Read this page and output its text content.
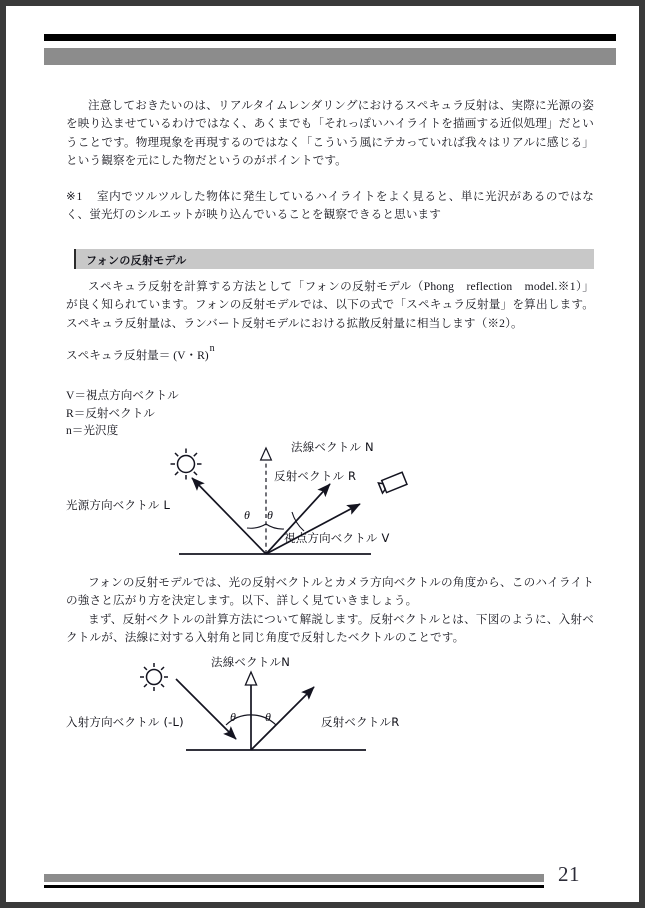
注意しておきたいのは、リアルタイムレンダリングにおけるスペキュラ反射は、実際に光源の姿を映り込ませているわけではなく、あくまでも「それっぽいハイライトを描画する近似処理」だということです。物理現象を再現するのではなく「こういう風にテカっていれば我々はリアルに感じる」という観察を元にした物だというのがポイントです。
※1 室内でツルツルした物体に発生しているハイライトをよく見ると、単に光沢があるのではなく、蛍光灯のシルエットが映り込んでいることを観察できると思います
フォンの反射モデル
スペキュラ反射を計算する方法として「フォンの反射モデル（Phong　reflection　model.※1）」が良く知られています。フォンの反射モデルでは、以下の式で「スペキュラ反射量」を算出します。スペキュラ反射量は、ランバート反射モデルにおける拡散反射量に相当します（※2）。
スペキュラ反射量＝ (V・R)n
V＝視点方向ベクトル
R＝反射ベクトル
n＝光沢度
法線ベクトル N
反射ベクトル R
光源方向ベクトル L
視点方向ベクトル V
θ θ
フォンの反射モデルでは、光の反射ベクトルとカメラ方向ベクトルの角度から、このハイライトの強さと広がり方を決定します。以下、詳しく見ていきましょう。
まず、反射ベクトルの計算方法について解説します。反射ベクトルとは、下図のように、入射ベクトルが、法線に対する入射角と同じ角度で反射したベクトルのことです。
法線ベクトルN
入射方向ベクトル (-L)	反射ベクトルR
θ θ
21
